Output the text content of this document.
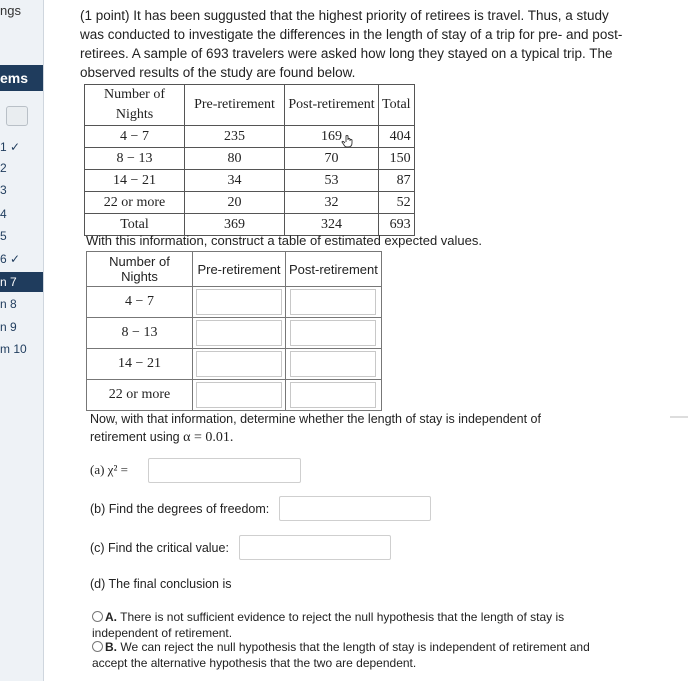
ngs
ems
1 ✓
2
3
4
5
6 ✓
n 7
n 8
n 9
m 10
(1 point) It has been suggusted that the highest priority of retirees is travel. Thus, a study was conducted to investigate the differences in the length of stay of a trip for pre- and post-retirees. A sample of 693 travelers were asked how long they stayed on a typical trip. The observed results of the study are found below.
Number of Nights	Pre-retirement	Post-retirement	Total
4 − 7	235	169	404
8 − 13	80	70	150
14 − 21	34	53	87
22 or more	20	32	52
Total	369	324	693
With this information, construct a table of estimated expected values.
Number of Nights	Pre-retirement	Post-retirement
4 − 7	

8 − 13	

14 − 21	

22 or more	

Now, with that information, determine whether the length of stay is independent of
retirement using α = 0.01.
(a) χ² =
(b) Find the degrees of freedom:
(c) Find the critical value:
(d) The final conclusion is
A. There is not sufficient evidence to reject the null hypothesis that the length of stay is independent of retirement.
B. We can reject the null hypothesis that the length of stay is independent of retirement and accept the alternative hypothesis that the two are dependent.
